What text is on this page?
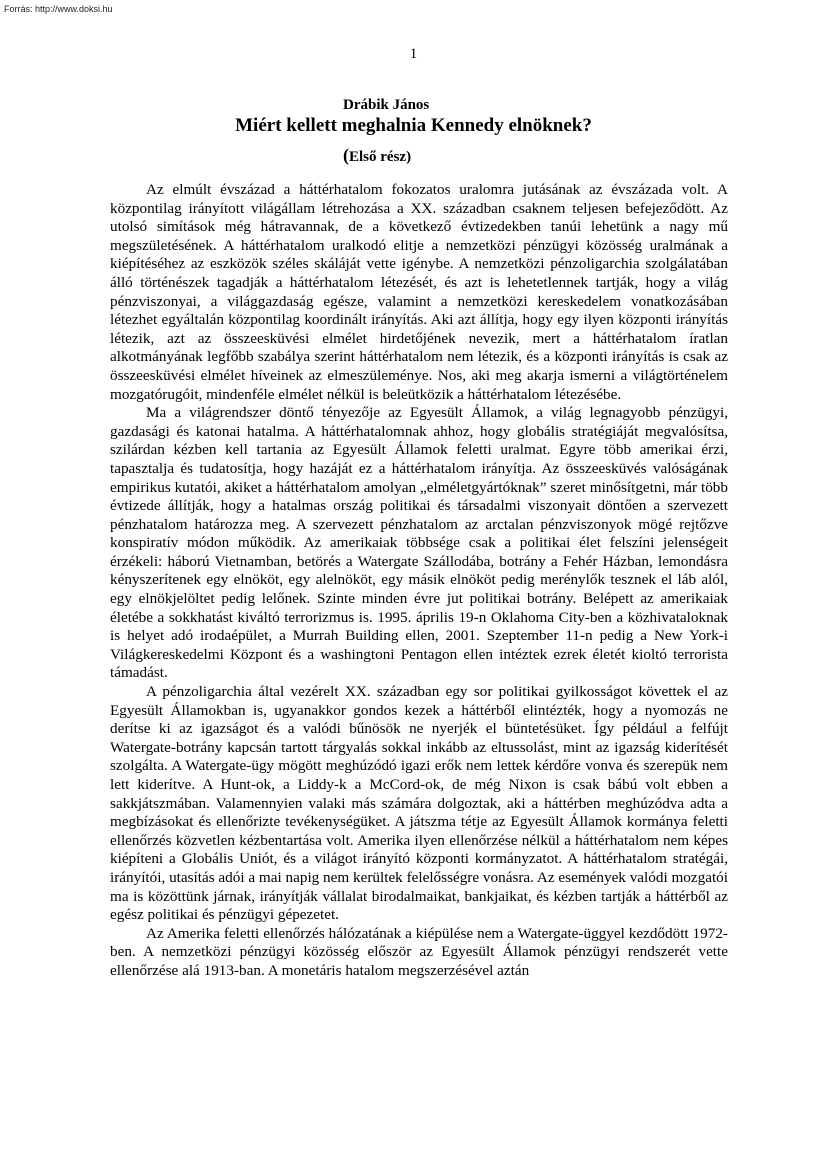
Forrás: http://www.doksi.hu
1
Drábik János
Miért kellett meghalnia Kennedy elnöknek?
(Első rész)

Az elmúlt évszázad a háttérhatalom fokozatos uralomra jutásának az évszázada volt. A központilag irányított világállam létrehozása a XX. században csaknem teljesen befejeződött. Az utolsó simítások még hátravannak, de a következő évtizedekben tanúi lehetünk a nagy mű megszületésének. A háttérhatalom uralkodó elitje a nemzetközi pénzügyi közösség uralmának a kiépítéséhez az eszközök széles skáláját vette igénybe. A nemzetközi pénzoligarchia szolgálatában álló történészek tagadják a háttérhatalom létezését, és azt is lehetetlennek tartják, hogy a világ pénzviszonyai, a világgazdaság egésze, valamint a nemzetközi kereskedelem vonatkozásában létezhet egyáltalán központilag koordinált irányítás. Aki azt állítja, hogy egy ilyen központi irányítás létezik, azt az összeesküvési elmélet hirdetőjének nevezik, mert a háttérhatalom íratlan alkotmányának legfőbb szabálya szerint háttérhatalom nem létezik, és a központi irányítás is csak az összeesküvési elmélet híveinek az elmeszüleménye. Nos, aki meg akarja ismerni a világtörténelem mozgatórugóit, mindenféle elmélet nélkül is beleütközik a háttérhatalom létezésébe.

Ma a világrendszer döntő tényezője az Egyesült Államok, a világ legnagyobb pénzügyi, gazdasági és katonai hatalma. A háttérhatalomnak ahhoz, hogy globális stratégiáját megvalósítsa, szilárdan kézben kell tartania az Egyesült Államok feletti uralmat. Egyre több amerikai érzi, tapasztalja és tudatosítja, hogy hazáját ez a háttérhatalom irányítja. Az összeesküvés valóságának empirikus kutatói, akiket a háttérhatalom amolyan „elméletgyártóknak” szeret minősítgetni, már több évtizede állítják, hogy a hatalmas ország politikai és társadalmi viszonyait döntően a szervezett pénzhatalom határozza meg. A szervezett pénzhatalom az arctalan pénzviszonyok mögé rejtőzve konspiratív módon működik. Az amerikaiak többsége csak a politikai élet felszíni jelenségeit érzékeli: háború Vietnamban, betörés a Watergate Szállodába, botrány a Fehér Házban, lemondásra kényszerítenek egy elnököt, egy alelnököt, egy másik elnököt pedig merénylők tesznek el láb alól, egy elnökjelöltet pedig lelőnek. Szinte minden évre jut politikai botrány. Belépett az amerikaiak életébe a sokkhatást kiváltó terrorizmus is. 1995. április 19-n Oklahoma City-ben a közhivataloknak is helyet adó irodaépület, a Murrah Building ellen, 2001. Szeptember 11-n pedig a New York-i Világkereskedelmi Központ és a washingtoni Pentagon ellen intéztek ezrek életét kioltó terrorista támadást.

A pénzoligarchia által vezérelt XX. században egy sor politikai gyilkosságot követtek el az Egyesült Államokban is, ugyanakkor gondos kezek a háttérből elintézték, hogy a nyomozás ne derítse ki az igazságot és a valódi bűnösök ne nyerjék el büntetésüket. Így például a felfújt Watergate-botrány kapcsán tartott tárgyalás sokkal inkább az eltussolást, mint az igazság kiderítését szolgálta. A Watergate-ügy mögött meghúzódó igazi erők nem lettek kérdőre vonva és szerepük nem lett kiderítve. A Hunt-ok, a Liddy-k a McCord-ok, de még Nixon is csak bábú volt ebben a sakkjátszmában. Valamennyien valaki más számára dolgoztak, aki a háttérben meghúzódva adta a megbízásokat és ellenőrizte tevékenységüket. A játszma tétje az Egyesült Államok kormánya feletti ellenőrzés közvetlen kézbentartása volt. Amerika ilyen ellenőrzése nélkül a háttérhatalom nem képes kiépíteni a Globális Uniót, és a világot irányító központi kormányzatot. A háttérhatalom stratégái, irányítói, utasítás adói a mai napig nem kerültek felelősségre vonásra. Az események valódi mozgatói ma is közöttünk járnak, irányítják vállalat birodalmaikat, bankjaikat, és kézben tartják a háttérből az egész politikai és pénzügyi gépezetet.

Az Amerika feletti ellenőrzés hálózatának a kiépülése nem a Watergate-üggyel kezdődött 1972-ben. A nemzetközi pénzügyi közösség először az Egyesült Államok pénzügyi rendszerét vette ellenőrzése alá 1913-ban. A monetáris hatalom megszerzésével aztán
